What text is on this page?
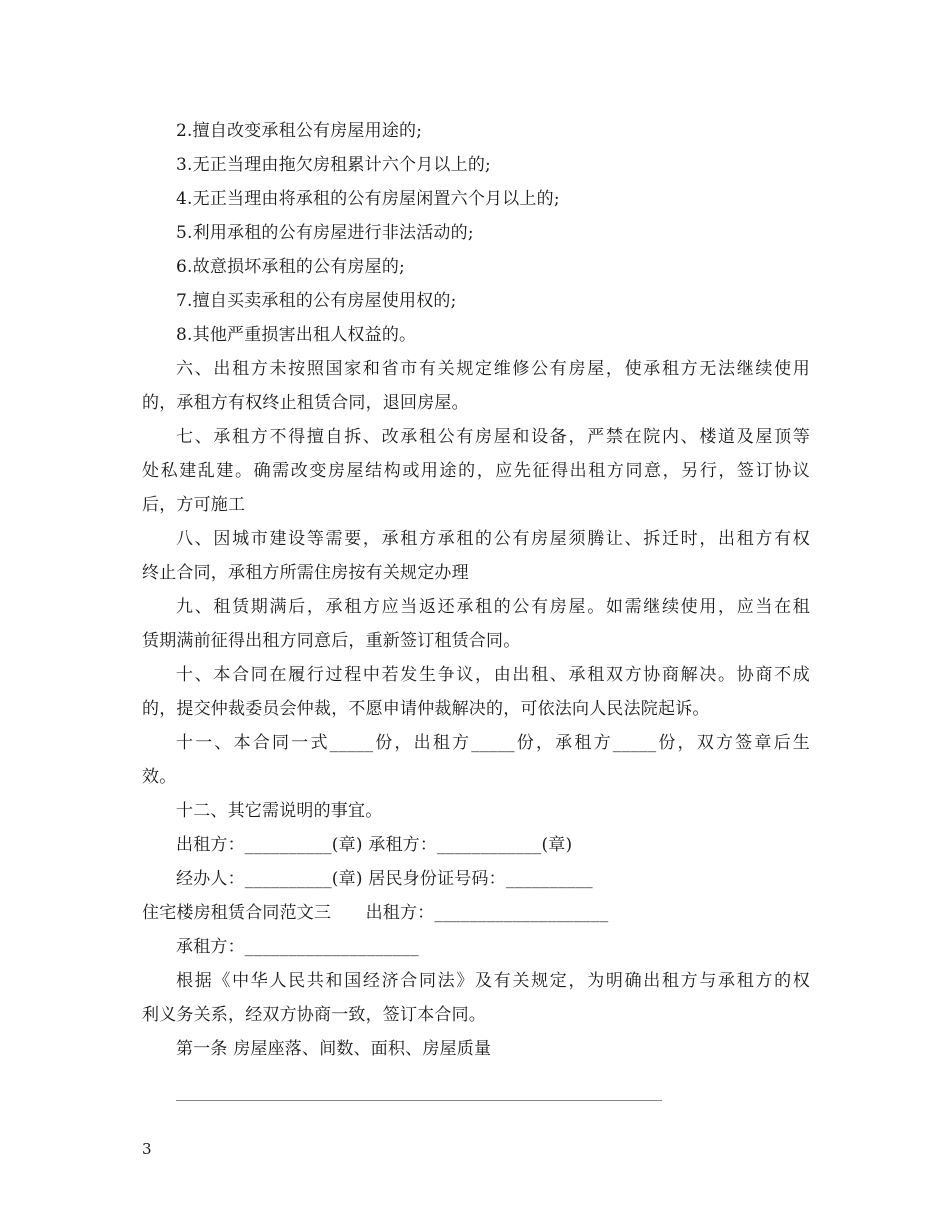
2.擅自改变承租公有房屋用途的;
3.无正当理由拖欠房租累计六个月以上的;
4.无正当理由将承租的公有房屋闲置六个月以上的;
5.利用承租的公有房屋进行非法活动的;
6.故意损坏承租的公有房屋的;
7.擅自买卖承租的公有房屋使用权的;
8.其他严重损害出租人权益的。
六、出租方未按照国家和省市有关规定维修公有房屋，使承租方无法继续使用
的，承租方有权终止租赁合同，退回房屋。
七、承租方不得擅自拆、改承租公有房屋和设备，严禁在院内、楼道及屋顶等
处私建乱建。确需改变房屋结构或用途的，应先征得出租方同意，另行，签订协议
后，方可施工
八、因城市建设等需要，承租方承租的公有房屋须腾让、拆迁时，出租方有权
终止合同，承租方所需住房按有关规定办理
九、租赁期满后，承租方应当返还承租的公有房屋。如需继续使用，应当在租
赁期满前征得出租方同意后，重新签订租赁合同。
十、本合同在履行过程中若发生争议，由出租、承租双方协商解决。协商不成
的，提交仲裁委员会仲裁，不愿申请仲裁解决的，可依法向人民法院起诉。
十一、本合同一式_____份，出租方_____份，承租方_____份，双方签章后生
效。
十二、其它需说明的事宜。
出租方：__________(章) 承租方：____________(章)
经办人：__________(章) 居民身份证号码：__________
住宅楼房租赁合同范文三　　出租方：____________________
承租方：____________________
根据《中华人民共和国经济合同法》及有关规定，为明确出租方与承租方的权
利义务关系，经双方协商一致，签订本合同。
第一条 房屋座落、间数、面积、房屋质量
3
